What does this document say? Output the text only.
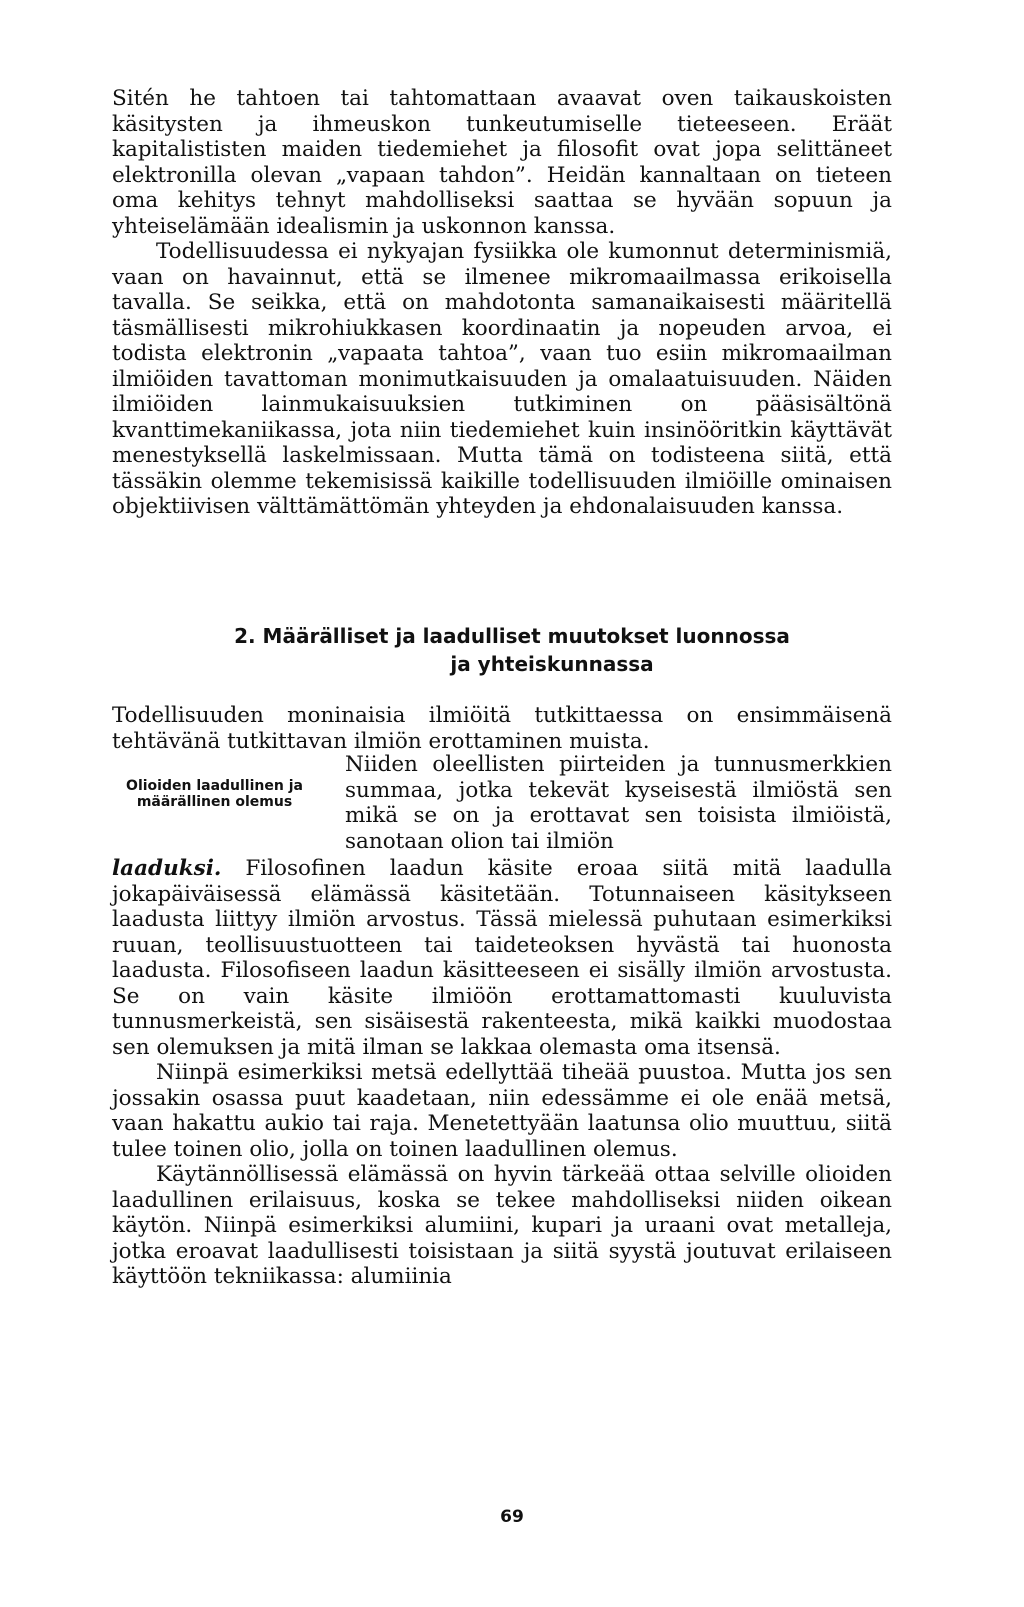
Sitén he tahtoen tai tahtomattaan avaavat oven taikauskoisten käsitysten ja ihmeuskon tunkeutumiselle tieteeseen. Eräät kapitalististen maiden tiedemiehet ja filosofit ovat jopa selittäneet elektronilla olevan „vapaan tahdon”. Heidän kannaltaan on tieteen oma kehitys tehnyt mahdolliseksi saattaa se hyvään sopuun ja yhteiselämään idealismin ja uskonnon kanssa.

Todellisuudessa ei nykyajan fysiikka ole kumonnut determinismiä, vaan on havainnut, että se ilmenee mikromaailmassa erikoisella tavalla. Se seikka, että on mahdotonta samanaikaisesti määritellä täsmällisesti mikrohiukkasen koordinaatin ja nopeuden arvoa, ei todista elektronin „vapaata tahtoa”, vaan tuo esiin mikromaailman ilmiöiden tavattoman monimutkaisuuden ja omalaatuisuuden. Näiden ilmiöiden lainmukaisuuksien tutkiminen on pääsisältönä kvanttimekaniikassa, jota niin tiedemiehet kuin insinööritkin käyttävät menestyksellä laskelmissaan. Mutta tämä on todisteena siitä, että tässäkin olemme tekemisissä kaikille todellisuuden ilmiöille ominaisen objektiivisen välttämättömän yhteyden ja ehdonalaisuuden kanssa.

2. Määrälliset ja laadulliset muutokset luonnossa
ja yhteiskunnassa

Todellisuuden moninaisia ilmiöitä tutkittaessa on ensimmäisenä tehtävänä tutkittavan ilmiön erottaminen muista.

Olioiden laadullinen ja määrällinen olemus

Niiden oleellisten piirteiden ja tunnusmerkkien summaa, jotka tekevät kyseisestä ilmiöstä sen mikä se on ja erottavat sen toisista ilmiöistä, sanotaan olion tai ilmiön

laaduksi. Filosofinen laadun käsite eroaa siitä mitä laadulla jokapäiväisessä elämässä käsitetään. Totunnaiseen käsitykseen laadusta liittyy ilmiön arvostus. Tässä mielessä puhutaan esimerkiksi ruuan, teollisuustuotteen tai taideteoksen hyvästä tai huonosta laadusta. Filosofiseen laadun käsitteeseen ei sisälly ilmiön arvostusta. Se on vain käsite ilmiöön erottamattomasti kuuluvista tunnusmerkeistä, sen sisäisestä rakenteesta, mikä kaikki muodostaa sen olemuksen ja mitä ilman se lakkaa olemasta oma itsensä.

Niinpä esimerkiksi metsä edellyttää tiheää puustoa. Mutta jos sen jossakin osassa puut kaadetaan, niin edessämme ei ole enää metsä, vaan hakattu aukio tai raja. Menetettyään laatunsa olio muuttuu, siitä tulee toinen olio, jolla on toinen laadullinen olemus.

Käytännöllisessä elämässä on hyvin tärkeää ottaa selville olioiden laadullinen erilaisuus, koska se tekee mahdolliseksi niiden oikean käytön. Niinpä esimerkiksi alumiini, kupari ja uraani ovat metalleja, jotka eroavat laadullisesti toisistaan ja siitä syystä joutuvat erilaiseen käyttöön tekniikassa: alumiinia

69
